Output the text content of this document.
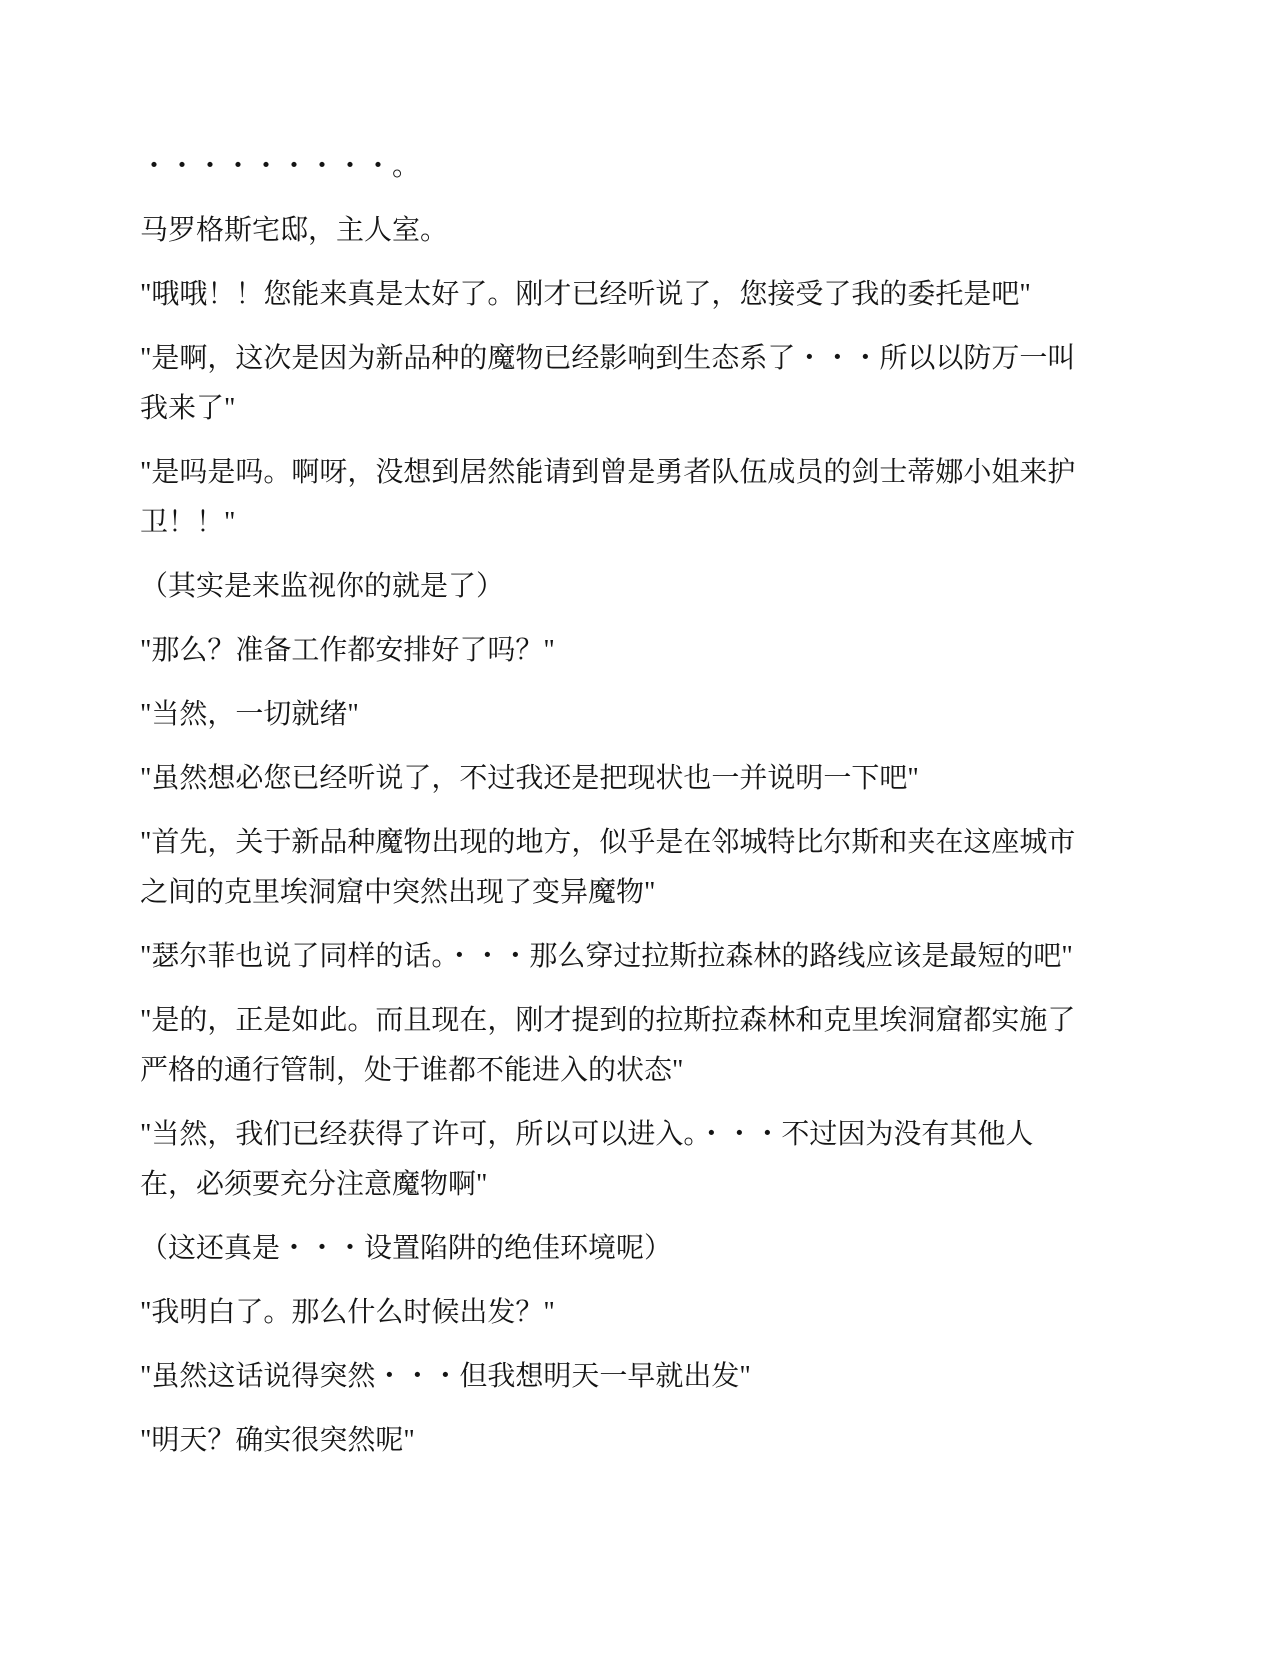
・・・・・・・・・。

马罗格斯宅邸，主人室。

"哦哦！！您能来真是太好了。刚才已经听说了，您接受了我的委托是吧"

"是啊，这次是因为新品种的魔物已经影响到生态系了・・・所以以防万一叫我来了"

"是吗是吗。啊呀，没想到居然能请到曾是勇者队伍成员的剑士蒂娜小姐来护卫！！"

（其实是来监视你的就是了）

"那么？准备工作都安排好了吗？"

"当然，一切就绪"

"虽然想必您已经听说了，不过我还是把现状也一并说明一下吧"

"首先，关于新品种魔物出现的地方，似乎是在邻城特比尔斯和夹在这座城市之间的克里埃洞窟中突然出现了变异魔物"

"瑟尔菲也说了同样的话。・・・那么穿过拉斯拉森林的路线应该是最短的吧"

"是的，正是如此。而且现在，刚才提到的拉斯拉森林和克里埃洞窟都实施了严格的通行管制，处于谁都不能进入的状态"

"当然，我们已经获得了许可，所以可以进入。・・・不过因为没有其他人在，必须要充分注意魔物啊"

（这还真是・・・设置陷阱的绝佳环境呢）

"我明白了。那么什么时候出发？"

"虽然这话说得突然・・・但我想明天一早就出发"

"明天？确实很突然呢"
